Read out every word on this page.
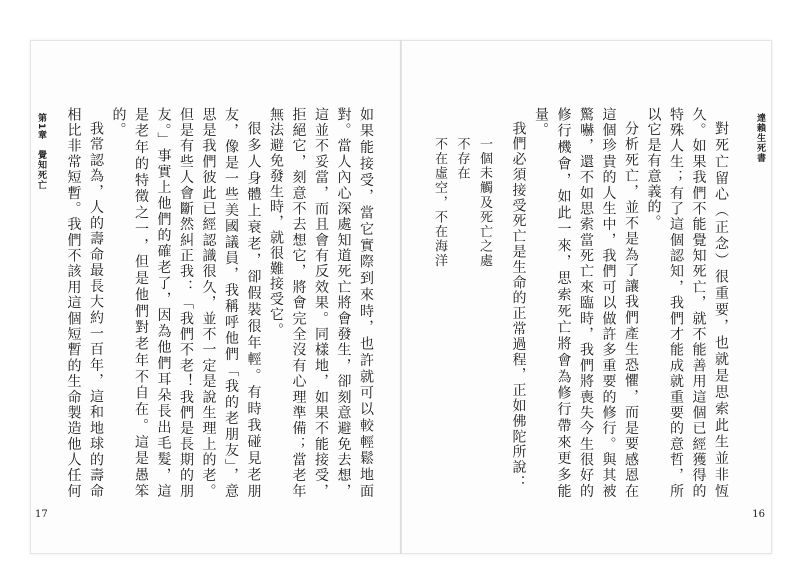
第1章　覺知死亡	如果能接受，當它實際到來時，也許就可以較輕鬆地面對。當人內心深處知道死亡將會發生，卻刻意避免去想，這並不妥當，而且會有反效果。同樣地，如果不能接受，拒絕它，刻意不去想它，將會完全沒有心理準備；當老年無法避免發生時，就很難接受它。

很多人身體上衰老，卻假裝很年輕。有時我碰見老朋友，像是一些美國議員，我稱呼他們「我的老朋友」，意思是我們彼此已經認識很久，並不一定是說生理上的老。但是有些人會斷然糾正我：「我們不老！我們是長期的朋友。」事實上他們的確老了，因為他們耳朵長出毛髮，這是老年的特徵之一，但是他們對老年不自在。這是愚笨的。

我常認為，人的壽命最長大約一百年，這和地球的壽命相比非常短暫。我們不該用這個短暫的生命製造他人任何

17
達賴生死書

對死亡留心（正念）很重要，也就是思索此生並非恆久。如果我們不能覺知死亡，就不能善用這個已經獲得的特殊人生；有了這個認知，我們才能成就重要的意哲，所以它是有意義的。

分析死亡，並不是為了讓我們產生恐懼，而是要感恩在這個珍貴的人生中，我們可以做許多重要的修行。與其被驚嚇，還不如思索當死亡來臨時，我們將喪失今生很好的修行機會，如此一來，思索死亡將會為修行帶來更多能量。

我們必須接受死亡是生命的正常過程，正如佛陀所說：

一個未觸及死亡之處
不存在
不在虛空，不在海洋
16
